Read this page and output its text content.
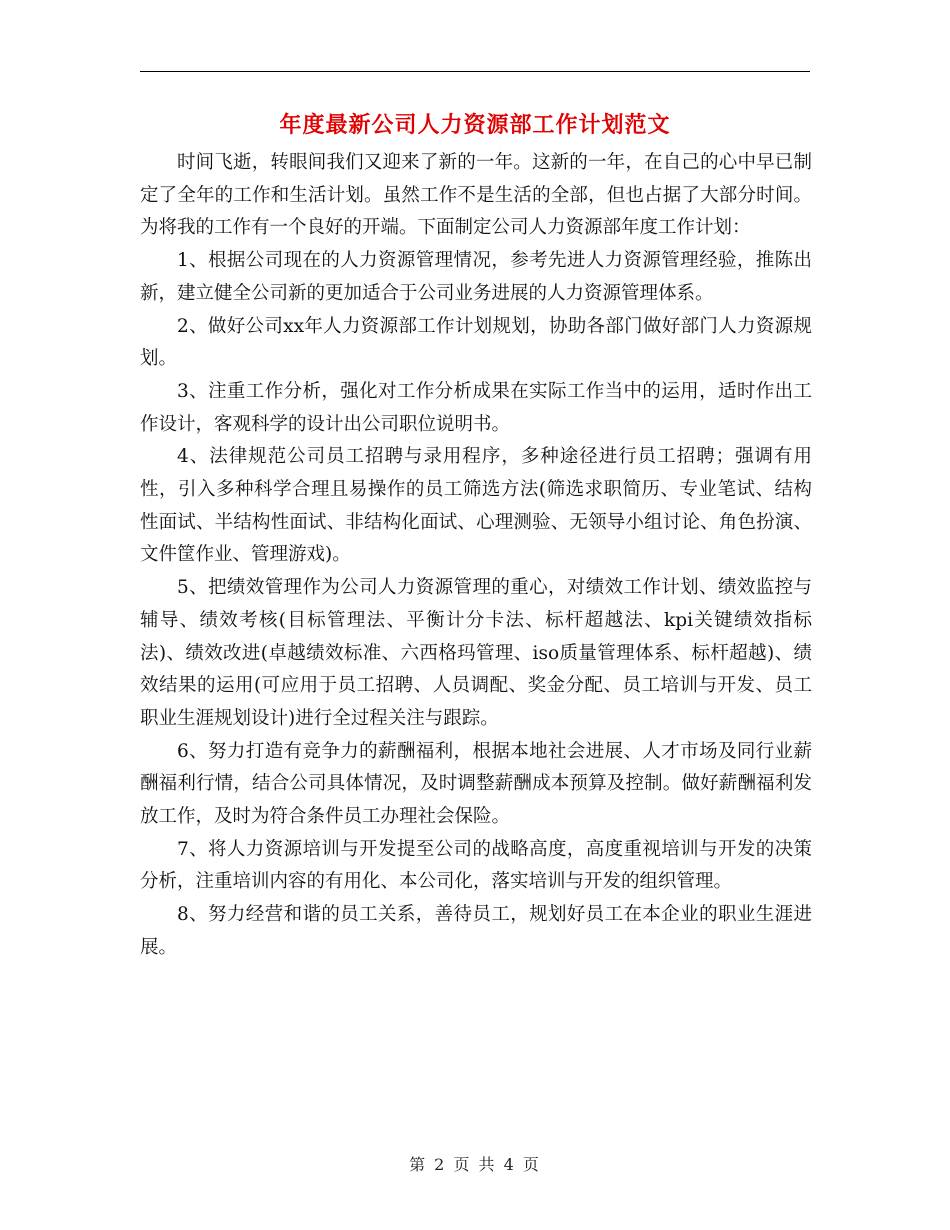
年度最新公司人力资源部工作计划范文

时间飞逝，转眼间我们又迎来了新的一年。这新的一年，在自己的心中早已制定了全年的工作和生活计划。虽然工作不是生活的全部，但也占据了大部分时间。为将我的工作有一个良好的开端。下面制定公司人力资源部年度工作计划：

1、根据公司现在的人力资源管理情况，参考先进人力资源管理经验，推陈出新，建立健全公司新的更加适合于公司业务进展的人力资源管理体系。

2、做好公司xx年人力资源部工作计划规划，协助各部门做好部门人力资源规划。

3、注重工作分析，强化对工作分析成果在实际工作当中的运用，适时作出工作设计，客观科学的设计出公司职位说明书。

4、法律规范公司员工招聘与录用程序，多种途径进行员工招聘；强调有用性，引入多种科学合理且易操作的员工筛选方法(筛选求职简历、专业笔试、结构性面试、半结构性面试、非结构化面试、心理测验、无领导小组讨论、角色扮演、文件筐作业、管理游戏)。

5、把绩效管理作为公司人力资源管理的重心，对绩效工作计划、绩效监控与辅导、绩效考核(目标管理法、平衡计分卡法、标杆超越法、kpi关键绩效指标法)、绩效改进(卓越绩效标准、六西格玛管理、iso质量管理体系、标杆超越)、绩效结果的运用(可应用于员工招聘、人员调配、奖金分配、员工培训与开发、员工职业生涯规划设计)进行全过程关注与跟踪。

6、努力打造有竞争力的薪酬福利，根据本地社会进展、人才市场及同行业薪酬福利行情，结合公司具体情况，及时调整薪酬成本预算及控制。做好薪酬福利发放工作，及时为符合条件员工办理社会保险。

7、将人力资源培训与开发提至公司的战略高度，高度重视培训与开发的决策分析，注重培训内容的有用化、本公司化，落实培训与开发的组织管理。

8、努力经营和谐的员工关系，善待员工，规划好员工在本企业的职业生涯进展。

第 2 页 共 4 页
